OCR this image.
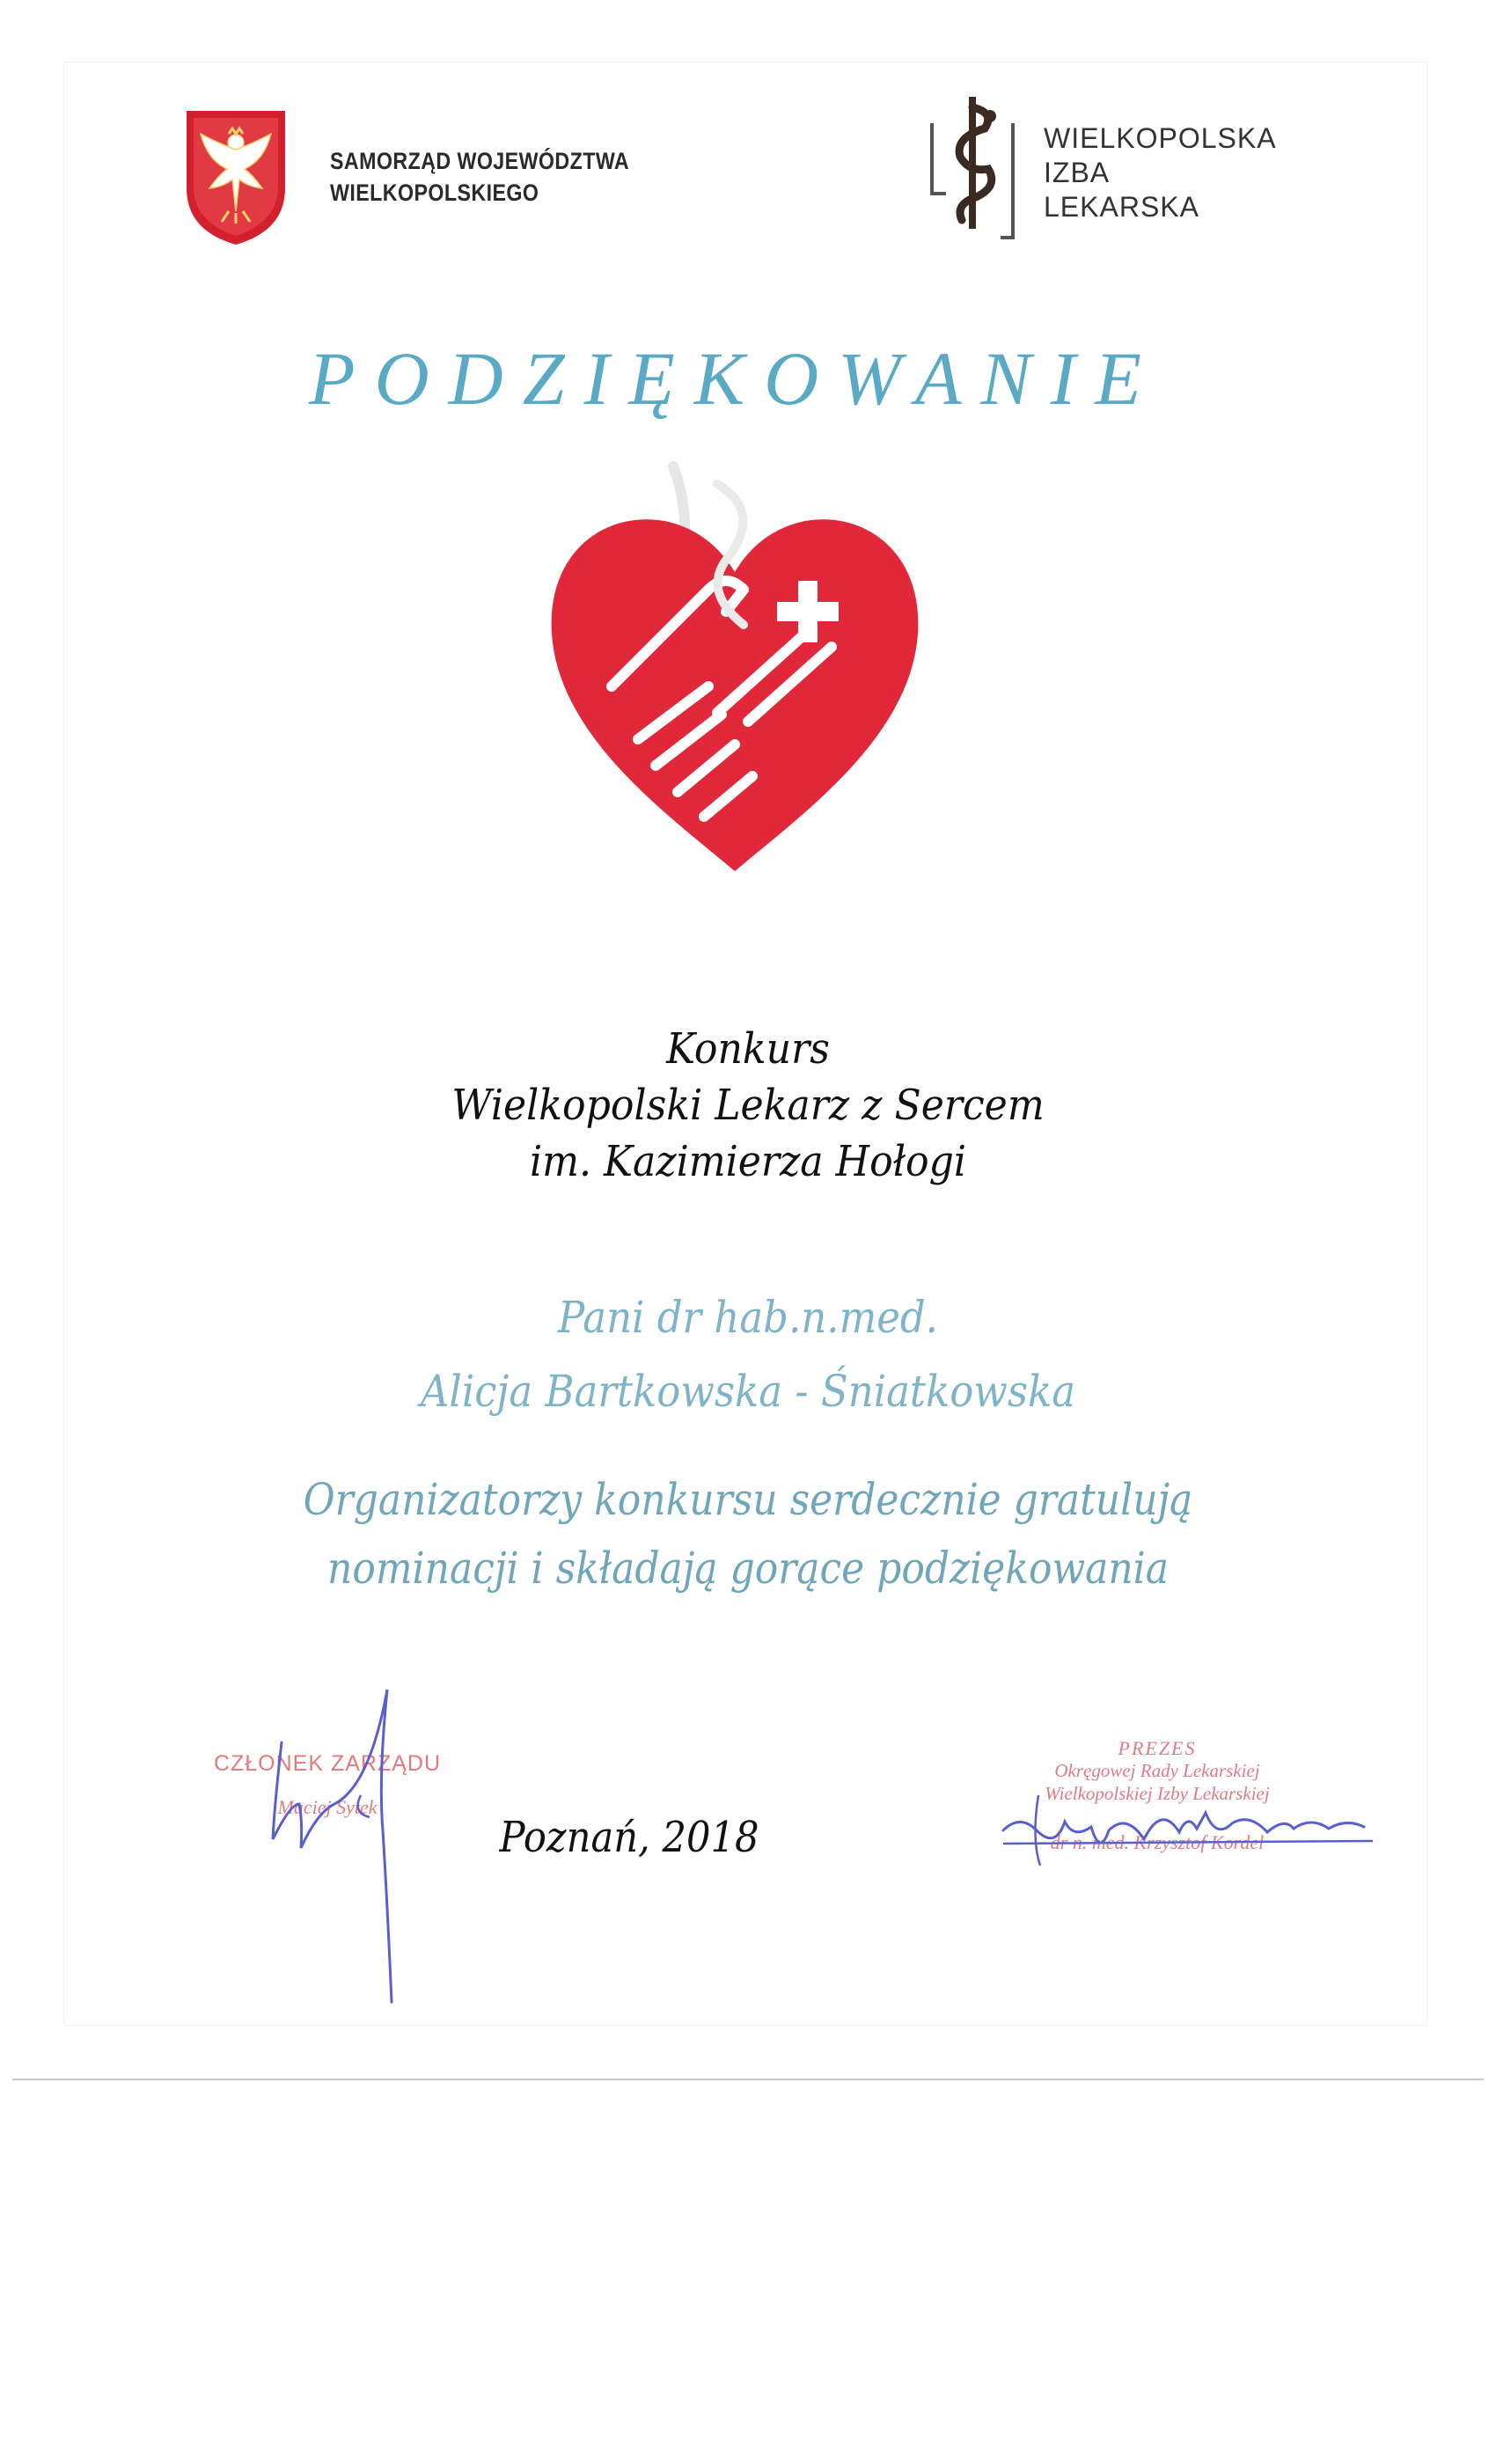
SAMORZĄD WOJEWÓDZTWA
WIELKOPOLSKIEGO
WIELKOPOLSKA
IZBA
LEKARSKA
PODZIĘKOWANIE
Konkurs
Wielkopolski Lekarz z Sercem
im. Kazimierza Hołogi
Pani dr hab.n.med.
Alicja Bartkowska - Śniatkowska
Organizatorzy konkursu serdecznie gratulują
nominacji i składają gorące podziękowania
CZŁONEK ZARZĄDU
Maciej Sytek
Poznań, 2018
PREZES
Okręgowej Rady Lekarskiej
Wielkopolskiej Izby Lekarskiej
dr n. med. Krzysztof Kordel
